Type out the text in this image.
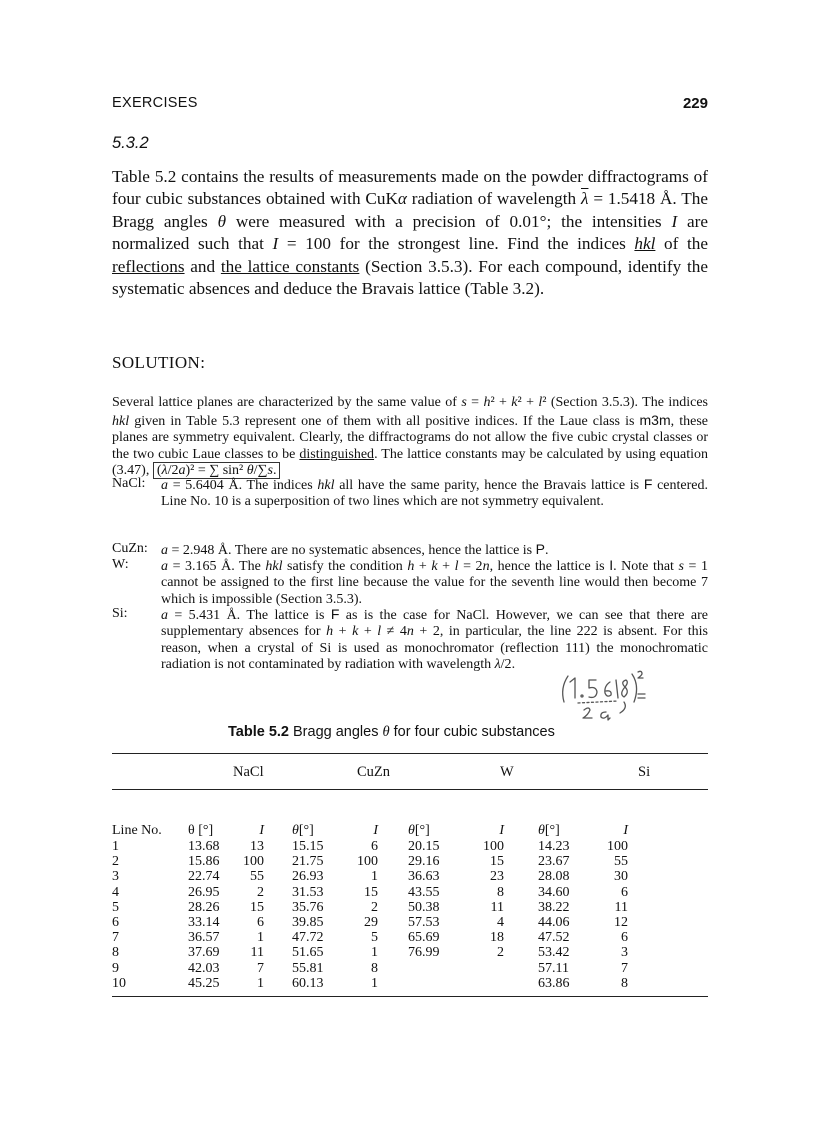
EXERCISES	229
5.3.2
Table 5.2 contains the results of measurements made on the powder diffractograms of four cubic substances obtained with CuKα radiation of wavelength $\overline{\lambda} = 1.5418$ Å. The Bragg angles θ were measured with a precision of 0.01°; the intensities I are normalized such that I = 100 for the strongest line. Find the indices hkl of the reflections and the lattice constants (Section 3.5.3). For each compound, identify the systematic absences and deduce the Bravais lattice (Table 3.2).
SOLUTION:
Several lattice planes are characterized by the same value of s = h² + k² + l² (Section 3.5.3). The indices hkl given in Table 5.3 represent one of them with all positive indices. If the Laue class is m3m, these planes are symmetry equivalent. Clearly, the diffractograms do not allow the five cubic crystal classes or the two cubic Laue classes to be distinguished. The lattice constants may be calculated by using equation (3.47), (λ/2a)² = ∑ sin² θ/∑s.
NaCl: a = 5.6404 Å. The indices hkl all have the same parity, hence the Bravais lattice is F centered. Line No. 10 is a superposition of two lines which are not symmetry equivalent.
CuZn: a = 2.948 Å. There are no systematic absences, hence the lattice is P.
W: a = 3.165 Å. The hkl satisfy the condition h + k + l = 2n, hence the lattice is I. Note that s = 1 cannot be assigned to the first line because the value for the seventh line would then become 7 which is impossible (Section 3.5.3).
Si: a = 5.431 Å. The lattice is F as is the case for NaCl. However, we can see that there are supplementary absences for h + k + l ≠ 4n + 2, in particular, the line 222 is absent. For this reason, when a crystal of Si is used as monochromator (reflection 111) the monochromatic radiation is not contaminated by radiation with wavelength λ/2.
Table 5.2 Bragg angles θ for four cubic substances
NaCl	CuZn	W	Si
Line No.	θ [°]	I	θ[°]	I	θ[°]	I	θ[°]	I	
1	13.68	13	15.15	6	20.15	100	14.23	100	
2	15.86	100	21.75	100	29.16	15	23.67	55	
3	22.74	55	26.93	1	36.63	23	28.08	30	
4	26.95	2	31.53	15	43.55	8	34.60	6	
5	28.26	15	35.76	2	50.38	11	38.22	11	
6	33.14	6	39.85	29	57.53	4	44.06	12	
7	36.57	1	47.72	5	65.69	18	47.52	6	
8	37.69	11	51.65	1	76.99	2	53.42	3	
9	42.03	7	55.81	8			57.11	7	
10	45.25	1	60.13	1			63.86	8	
